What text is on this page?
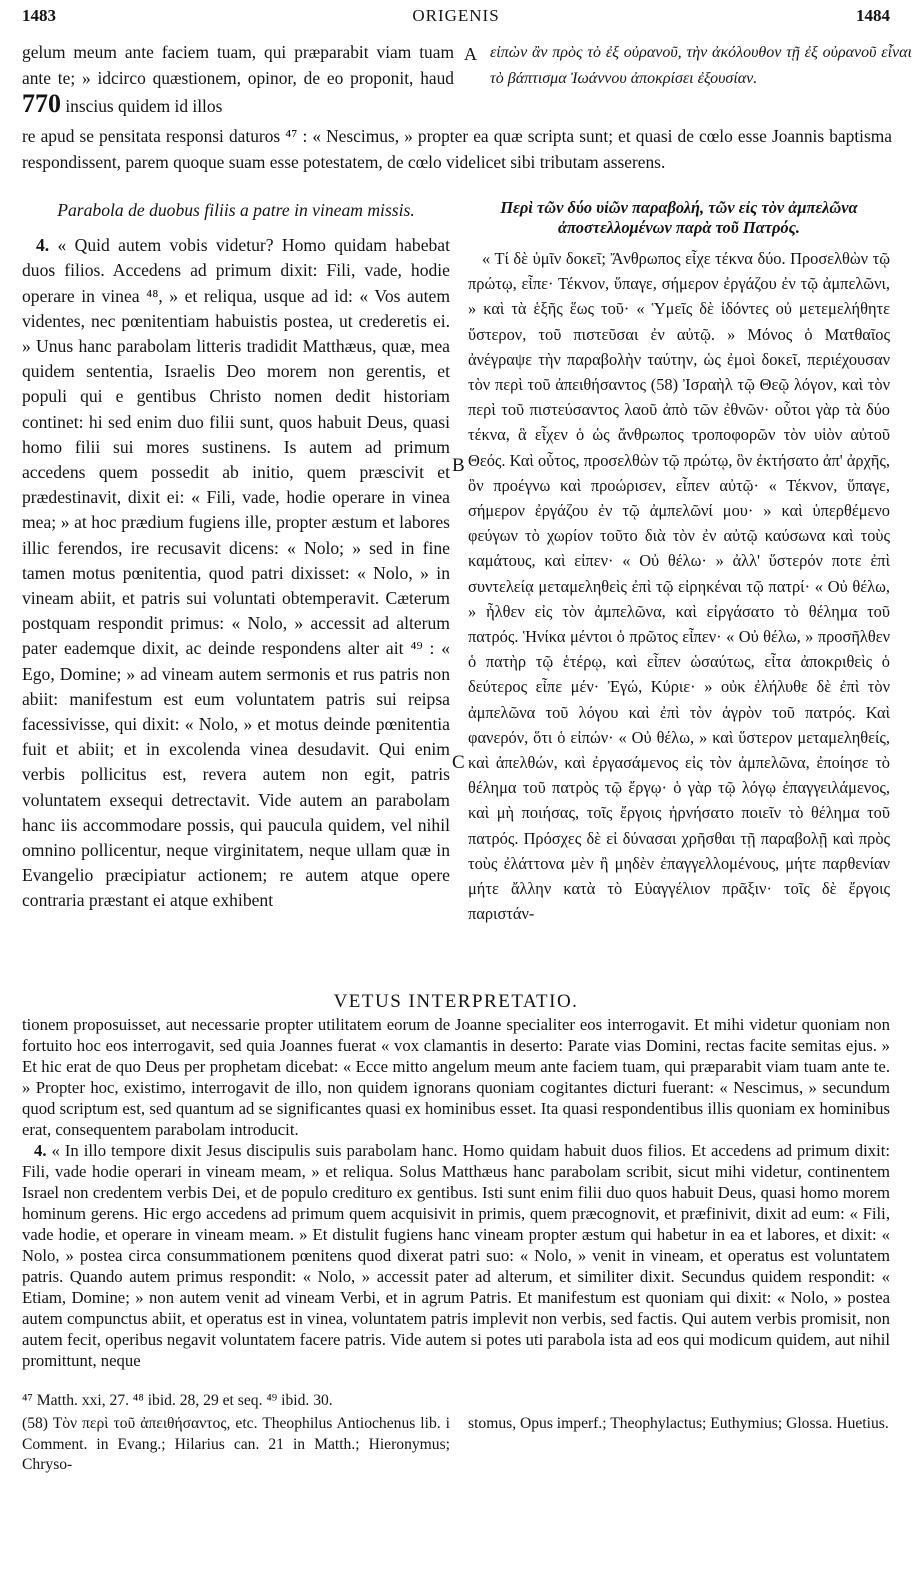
1483	ORIGENIS	1484
gelum meum ante faciem tuam, qui præparabit viam tuam ante te; » idcirco quæstionem, opinor, de eo proponit, haud 770 inscius quidem id illos
A εἰπὼν ἂν πρὸς τὸ ἐξ οὐρανοῦ, τὴν ἀκόλουθον τῇ ἐξ οὐρανοῦ εἶναι τὸ βάπτισμα Ἰωάννου ἀποκρίσει ἐξουσίαν.
re apud se pensitata responsi daturos ⁴⁷ : « Nescimus, » propter ea quæ scripta sunt; et quasi de cœlo esse Joannis baptisma respondissent, parem quoque suam esse potestatem, de cœlo videlicet sibi tributam asserens.
Parabola de duobus filiis a patre in vineam missis.
4. « Quid autem vobis videtur? Homo quidam habebat duos filios. Accedens ad primum dixit: Fili, vade, hodie operare in vinea ⁴⁸, » et reliqua, usque ad id: « Vos autem videntes, nec pœnitentiam habuistis postea, ut crederetis ei. » Unus hanc parabolam litteris tradidit Matthæus, quæ, mea quidem sententia, Israelis Deo morem non gerentis, et populi qui e gentibus Christo nomen dedit historiam continet: hi sed enim duo filii sunt, quos habuit Deus, quasi homo filii sui mores sustinens. Is autem ad primum accedens quem possedit ab initio, quem præscivit et prædestinavit, dixit ei: « Fili, vade, hodie operare in vinea mea; » at hoc prædium fugiens ille, propter æstum et labores illic ferendos, ire recusavit dicens: « Nolo; » sed in fine tamen motus pœnitentia, quod patri dixisset: « Nolo, » in vineam abiit, et patris sui voluntati obtemperavit. Cæterum postquam respondit primus: « Nolo, » accessit ad alterum pater eademque dixit, ac deinde respondens alter ait ⁴⁹ : « Ego, Domine; » ad vineam autem sermonis et rus patris non abiit: manifestum est eum voluntatem patris sui reipsa facessivisse, qui dixit: « Nolo, » et motus deinde pœnitentia fuit et abiit; et in excolenda vinea desudavit. Qui enim verbis pollicitus est, revera autem non egit, patris voluntatem exsequi detrectavit. Vide autem an parabolam hanc iis accommodare possis, qui paucula quidem, vel nihil omnino pollicentur, neque virginitatem, neque ullam quæ in Evangelio præcipiatur actionem; re autem atque opere contraria præstant ei atque exhibent
B
C
Περὶ τῶν δύο υἱῶν παραβολή, τῶν εἰς τὸν ἀμπελῶνα ἀποστελλομένων παρὰ τοῦ Πατρός.
« Τί δὲ ὑμῖν δοκεῖ; Ἄνθρωπος εἶχε τέκνα δύο. Προσελθὼν τῷ πρώτῳ, εἶπε· Τέκνον, ὕπαγε, σήμερον ἐργάζου ἐν τῷ ἀμπελῶνι, » καὶ τὰ ἑξῆς ἕως τοῦ· « Ὑμεῖς δὲ ἰδόντες οὐ μετεμελήθητε ὕστερον, τοῦ πιστεῦσαι ἐν αὐτῷ. » Μόνος ὁ Ματθαῖος ἀνέγραψε τὴν παραβολὴν ταύτην, ὡς ἐμοὶ δοκεῖ, περιέχουσαν τὸν περὶ τοῦ ἀπειθήσαντος (58) Ἰσραὴλ τῷ Θεῷ λόγον, καὶ τὸν περὶ τοῦ πιστεύσαντος λαοῦ ἀπὸ τῶν ἐθνῶν· οὗτοι γὰρ τὰ δύο τέκνα, ἃ εἶχεν ὁ ὡς ἄνθρωπος τροποφορῶν τὸν υἱὸν αὐτοῦ Θεός. Καὶ οὗτος, προσελθὼν τῷ πρώτῳ, ὃν ἐκτήσατο ἀπ' ἀρχῆς, ὃν προέγνω καὶ προώρισεν, εἶπεν αὐτῷ· « Τέκνον, ὕπαγε, σήμερον ἐργάζου ἐν τῷ ἀμπελῶνί μου· » καὶ ὑπερθέμενο φεύγων τὸ χωρίον τοῦτο διὰ τὸν ἐν αὐτῷ καύσωνα καὶ τοὺς καμάτους, καὶ εἰπεν· « Οὐ θέλω· » ἀλλ' ὕστερόν ποτε ἐπὶ συντελείᾳ μεταμεληθεὶς ἐπὶ τῷ εἰρηκέναι τῷ πατρί· « Οὐ θέλω, » ἦλθεν εἰς τὸν ἀμπελῶνα, καὶ εἰργάσατο τὸ θέλημα τοῦ πατρός. Ἡνίκα μέντοι ὁ πρῶτος εἶπεν· « Οὐ θέλω, » προσῆλθεν ὁ πατὴρ τῷ ἑτέρῳ, καὶ εἶπεν ὡσαύτως, εἶτα ἀποκριθεὶς ὁ δεύτερος εἶπε μέν· Ἐγώ, Κύριε· » οὐκ ἐλήλυθε δὲ ἐπὶ τὸν ἀμπελῶνα τοῦ λόγου καὶ ἐπὶ τὸν ἀγρὸν τοῦ πατρός. Καὶ φανερόν, ὅτι ὁ εἰπών· « Οὐ θέλω, » καὶ ὕστερον μεταμεληθείς, καὶ ἀπελθών, καὶ ἐργασάμενος εἰς τὸν ἀμπελῶνα, ἐποίησε τὸ θέλημα τοῦ πατρὸς τῷ ἔργῳ· ὁ γὰρ τῷ λόγῳ ἐπαγγειλάμενος, καὶ μὴ ποιήσας, τοῖς ἔργοις ἠρνήσατο ποιεῖν τὸ θέλημα τοῦ πατρός. Πρόσχες δὲ εἰ δύνασαι χρῆσθαι τῇ παραβολῇ καὶ πρὸς τοὺς ἐλάττονα μὲν ἢ μηδὲν ἐπαγγελλομένους, μήτε παρθενίαν μήτε ἄλλην κατὰ τὸ Εὐαγγέλιον πρᾶξιν· τοῖς δὲ ἔργοις παριστάν-
VETUS INTERPRETATIO.

tionem proposuisset, aut necessarie propter utilitatem eorum de Joanne specialiter eos interrogavit. Et mihi videtur quoniam non fortuito hoc eos interrogavit, sed quia Joannes fuerat « vox clamantis in deserto: Parate vias Domini, rectas facite semitas ejus. » Et hic erat de quo Deus per prophetam dicebat: « Ecce mitto angelum meum ante faciem tuam, qui præparabit viam tuam ante te. » Propter hoc, existimo, interrogavit de illo, non quidem ignorans quoniam cogitantes dicturi fuerant: « Nescimus, » secundum quod scriptum est, sed quantum ad se significantes quasi ex hominibus esset. Ita quasi respondentibus illis quoniam ex hominibus erat, consequentem parabolam introducit.

4. « In illo tempore dixit Jesus discipulis suis parabolam hanc. Homo quidam habuit duos filios. Et accedens ad primum dixit: Fili, vade hodie operari in vineam meam, » et reliqua. Solus Matthæus hanc parabolam scribit, sicut mihi videtur, continentem Israel non credentem verbis Dei, et de populo credituro ex gentibus. Isti sunt enim filii duo quos habuit Deus, quasi homo morem hominum gerens. Hic ergo accedens ad primum quem acquisivit in primis, quem præcognovit, et præfinivit, dixit ad eum: « Fili, vade hodie, et operare in vineam meam. » Et distulit fugiens hanc vineam propter æstum qui habetur in ea et labores, et dixit: « Nolo, » postea circa consummationem pœnitens quod dixerat patri suo: « Nolo, » venit in vineam, et operatus est voluntatem patris. Quando autem primus respondit: « Nolo, » accessit pater ad alterum, et similiter dixit. Secundus quidem respondit: « Etiam, Domine; » non autem venit ad vineam Verbi, et in agrum Patris. Et manifestum est quoniam qui dixit: « Nolo, » postea autem compunctus abiit, et operatus est in vinea, voluntatem patris implevit non verbis, sed factis. Qui autem verbis promisit, non autem fecit, operibus negavit voluntatem facere patris. Vide autem si potes uti parabola ista ad eos qui modicum quidem, aut nihil promittunt, neque

⁴⁷ Matth. xxi, 27. ⁴⁸ ibid. 28, 29 et seq. ⁴⁹ ibid. 30.
(58) Τὸν περὶ τοῦ ἀπειθήσαντος, etc. Theophilus Antiochenus lib. i Comment. in Evang.; Hilarius can. 21 in Matth.; Hieronymus; Chryso-
stomus, Opus imperf.; Theophylactus; Euthymius; Glossa. Huetius.
